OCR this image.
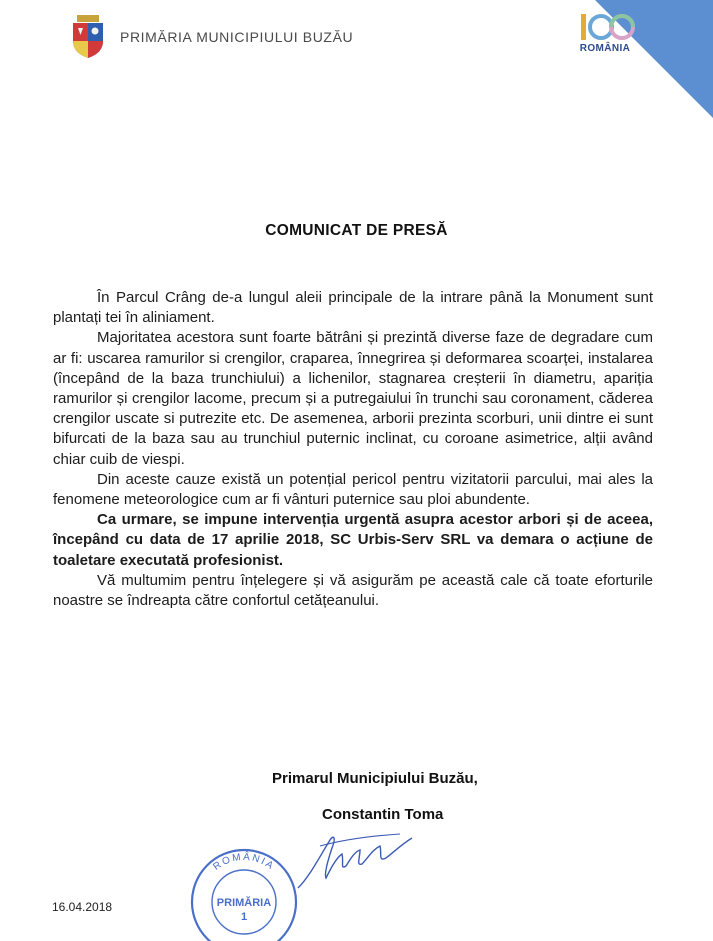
PRIMĂRIA MUNICIPIULUI BUZĂU
ROMÂNIA
COMUNICAT DE PRESĂ

În Parcul Crâng de-a lungul aleii principale de la intrare până la Monument sunt plantați tei în aliniament.

Majoritatea acestora sunt foarte bătrâni și prezintă diverse faze de degradare cum ar fi: uscarea ramurilor si crengilor, craparea, înnegrirea și deformarea scoarței, instalarea (începând de la baza trunchiului) a lichenilor, stagnarea creșterii în diametru, apariția ramurilor și crengilor lacome, precum și a putregaiului în trunchi sau coronament, căderea crengilor uscate si putrezite etc. De asemenea, arborii prezinta scorburi, unii dintre ei sunt bifurcati de la baza sau au trunchiul puternic inclinat, cu coroane asimetrice, alții având chiar cuib de viespi.

Din aceste cauze există un potențial pericol pentru vizitatorii parcului, mai ales la fenomene meteorologice cum ar fi vânturi puternice sau ploi abundente.

Ca urmare, se impune intervenția urgentă asupra acestor arbori și de aceea, începând cu data de 17 aprilie 2018, SC Urbis-Serv SRL va demara o acțiune de toaletare executată profesionist.

Vă multumim pentru înțelegere și vă asigurăm pe această cale că toate eforturile noastre se îndreapta către confortul cetățeanului.

Primarul Municipiului Buzău,
Constantin Toma
ROMÂNIA
PRIMĂRIA
1
16.04.2018
